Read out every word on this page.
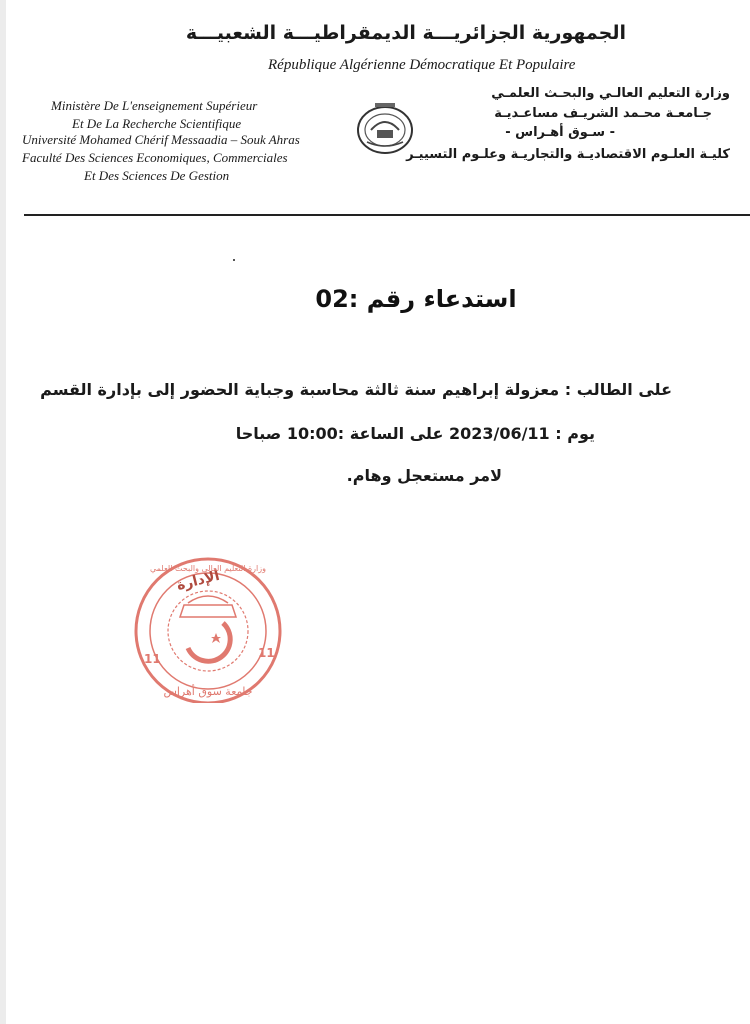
الجمهورية الجزائريـــة الديمقراطيـــة الشعبيـــة
République Algérienne Démocratique Et Populaire
Ministère De L'enseignement Supérieur
Et De La Recherche Scientifique
Université Mohamed Chérif Messaadia – Souk Ahras
Faculté Des Sciences Economiques, Commerciales
Et Des Sciences De Gestion
وزارة التعليم العالـي والبحـث العلمـي
جـامعـة محـمد الشريـف مساعـديـة
- سـوق أهـراس -
كليـة العلـوم الاقتصاديـة والتجاريـة وعلـوم التسييـر
استدعاء رقم :02
على الطالب : معزولة إبراهيم سنة ثالثة محاسبة وجباية الحضور إلى بإدارة القسم
يوم : 2023/06/11 على الساعة :10:00 صباحا
لامر مستعجل وهام.
الإدارة
11	11
جامعة سوق أهراس
وزارة التعليم العالي والبحث العلمي
